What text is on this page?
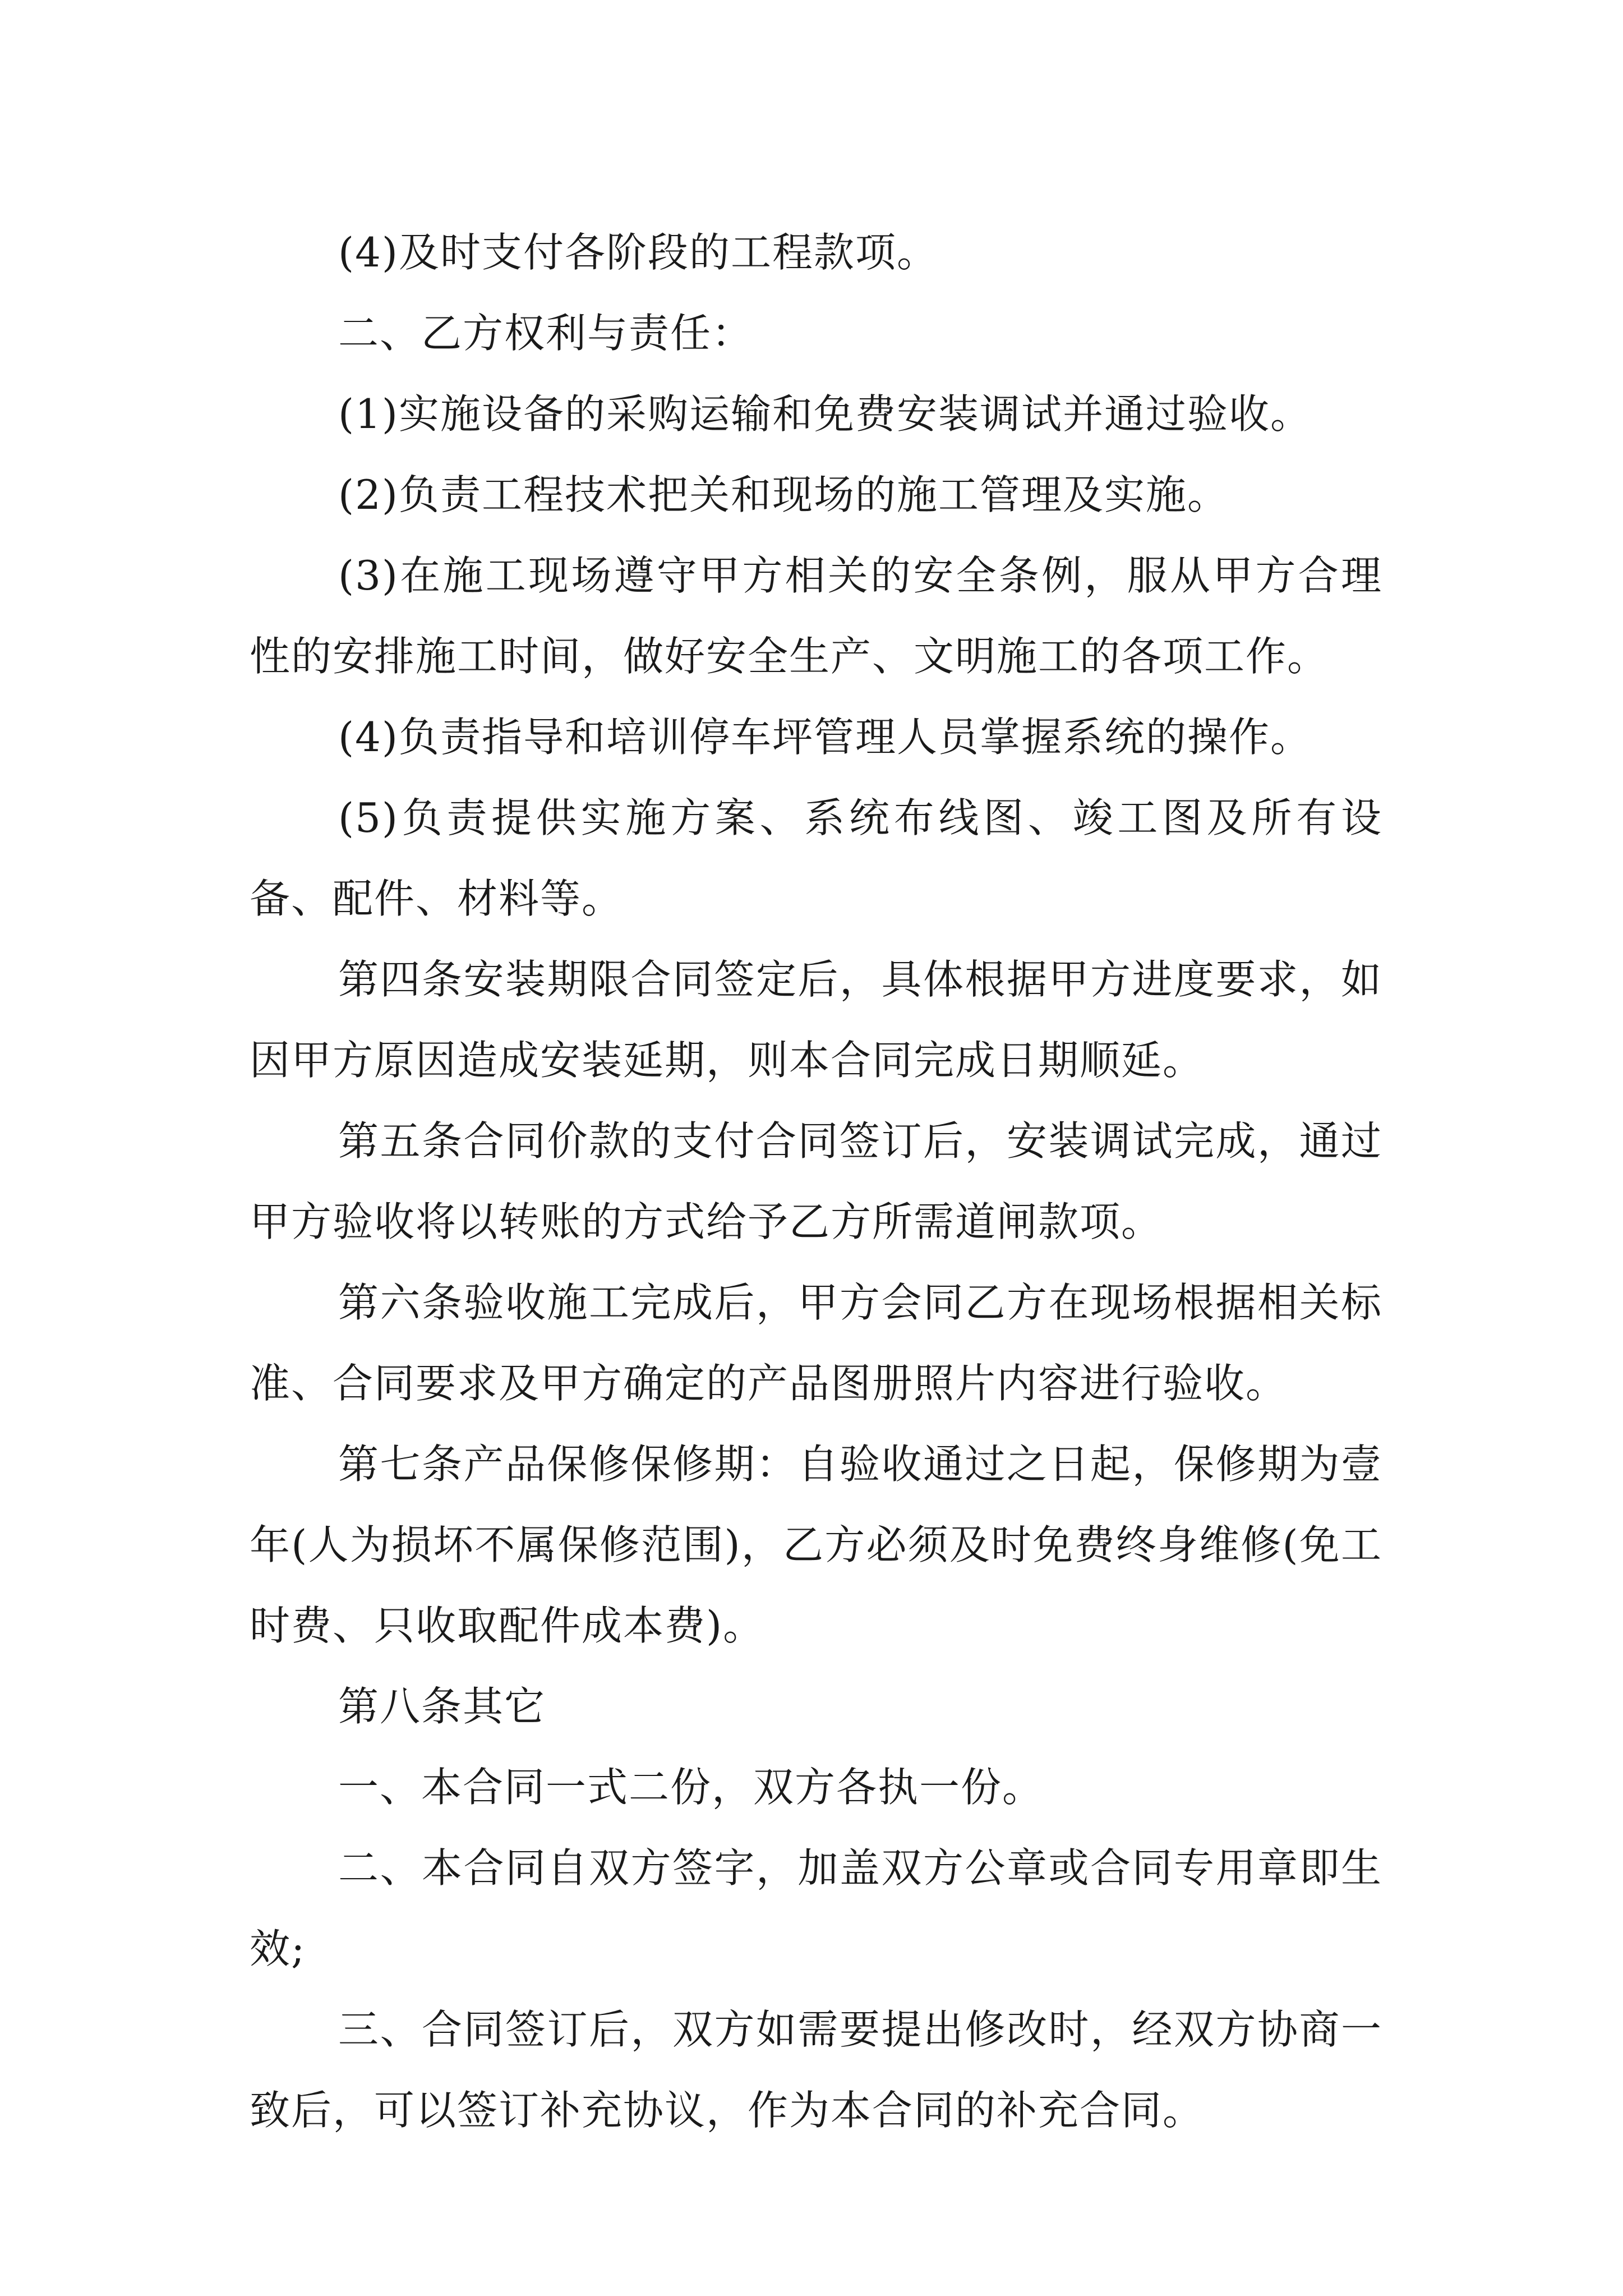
(4)及时支付各阶段的工程款项。

二、乙方权利与责任：

(1)实施设备的采购运输和免费安装调试并通过验收。

(2)负责工程技术把关和现场的施工管理及实施。

(3)在施工现场遵守甲方相关的安全条例，服从甲方合理性的安排施工时间，做好安全生产、文明施工的各项工作。

(4)负责指导和培训停车坪管理人员掌握系统的操作。

(5)负责提供实施方案、系统布线图、竣工图及所有设备、配件、材料等。

第四条安装期限合同签定后，具体根据甲方进度要求，如因甲方原因造成安装延期，则本合同完成日期顺延。

第五条合同价款的支付合同签订后，安装调试完成，通过甲方验收将以转账的方式给予乙方所需道闸款项。

第六条验收施工完成后，甲方会同乙方在现场根据相关标准、合同要求及甲方确定的产品图册照片内容进行验收。

第七条产品保修保修期：自验收通过之日起，保修期为壹年(人为损坏不属保修范围)，乙方必须及时免费终身维修(免工时费、只收取配件成本费)。

第八条其它

一、本合同一式二份，双方各执一份。

二、本合同自双方签字，加盖双方公章或合同专用章即生效;

三、合同签订后，双方如需要提出修改时，经双方协商一致后，可以签订补充协议，作为本合同的补充合同。
